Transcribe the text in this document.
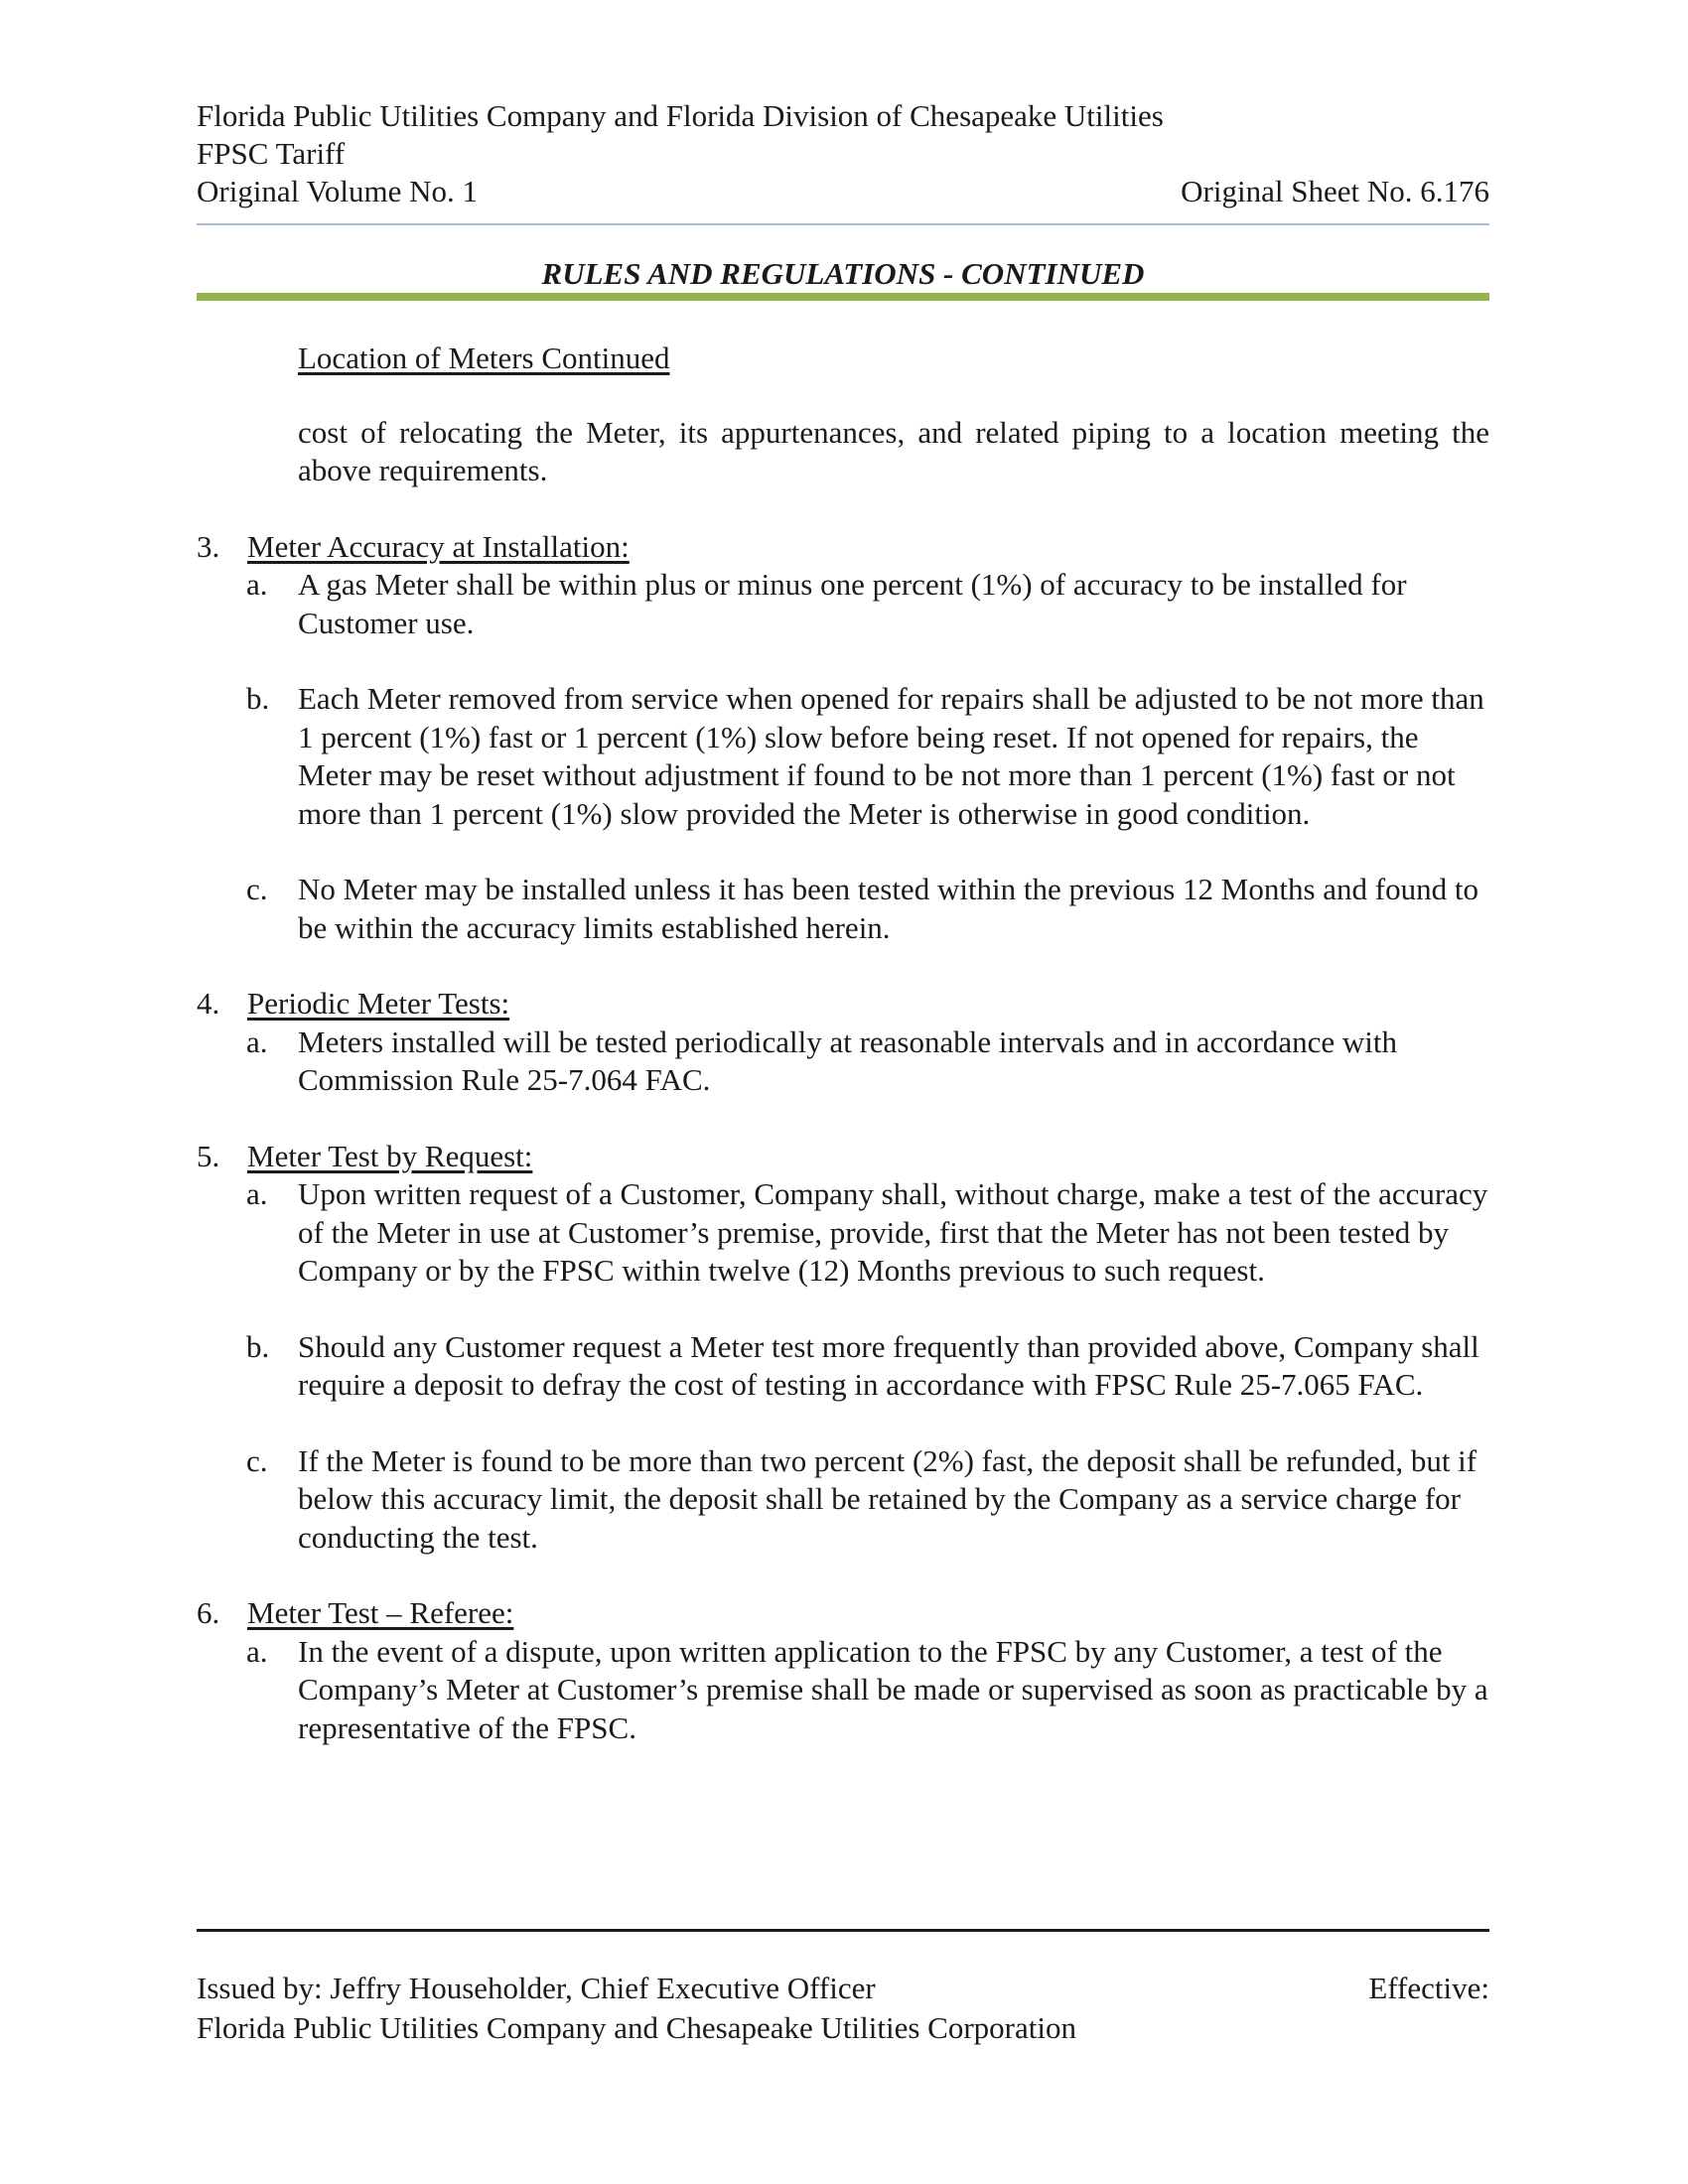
Florida Public Utilities Company and Florida Division of Chesapeake Utilities
FPSC Tariff
Original Volume No. 1	Original Sheet No. 6.176
RULES AND REGULATIONS - CONTINUED
Location of Meters Continued
cost of relocating the Meter, its appurtenances, and related piping to a location meeting the above requirements.
3. Meter Accuracy at Installation:
a. A gas Meter shall be within plus or minus one percent (1%) of accuracy to be installed for Customer use.
b. Each Meter removed from service when opened for repairs shall be adjusted to be not more than 1 percent (1%) fast or 1 percent (1%) slow before being reset. If not opened for repairs, the Meter may be reset without adjustment if found to be not more than 1 percent (1%) fast or not more than 1 percent (1%) slow provided the Meter is otherwise in good condition.
c. No Meter may be installed unless it has been tested within the previous 12 Months and found to be within the accuracy limits established herein.
4. Periodic Meter Tests:
a. Meters installed will be tested periodically at reasonable intervals and in accordance with Commission Rule 25-7.064 FAC.
5. Meter Test by Request:
a. Upon written request of a Customer, Company shall, without charge, make a test of the accuracy of the Meter in use at Customer’s premise, provide, first that the Meter has not been tested by Company or by the FPSC within twelve (12) Months previous to such request.
b. Should any Customer request a Meter test more frequently than provided above, Company shall require a deposit to defray the cost of testing in accordance with FPSC Rule 25-7.065 FAC.
c. If the Meter is found to be more than two percent (2%) fast, the deposit shall be refunded, but if below this accuracy limit, the deposit shall be retained by the Company as a service charge for conducting the test.
6. Meter Test – Referee:
a. In the event of a dispute, upon written application to the FPSC by any Customer, a test of the Company’s Meter at Customer’s premise shall be made or supervised as soon as practicable by a representative of the FPSC.
Issued by: Jeffry Householder, Chief Executive Officer	Effective:
Florida Public Utilities Company and Chesapeake Utilities Corporation
